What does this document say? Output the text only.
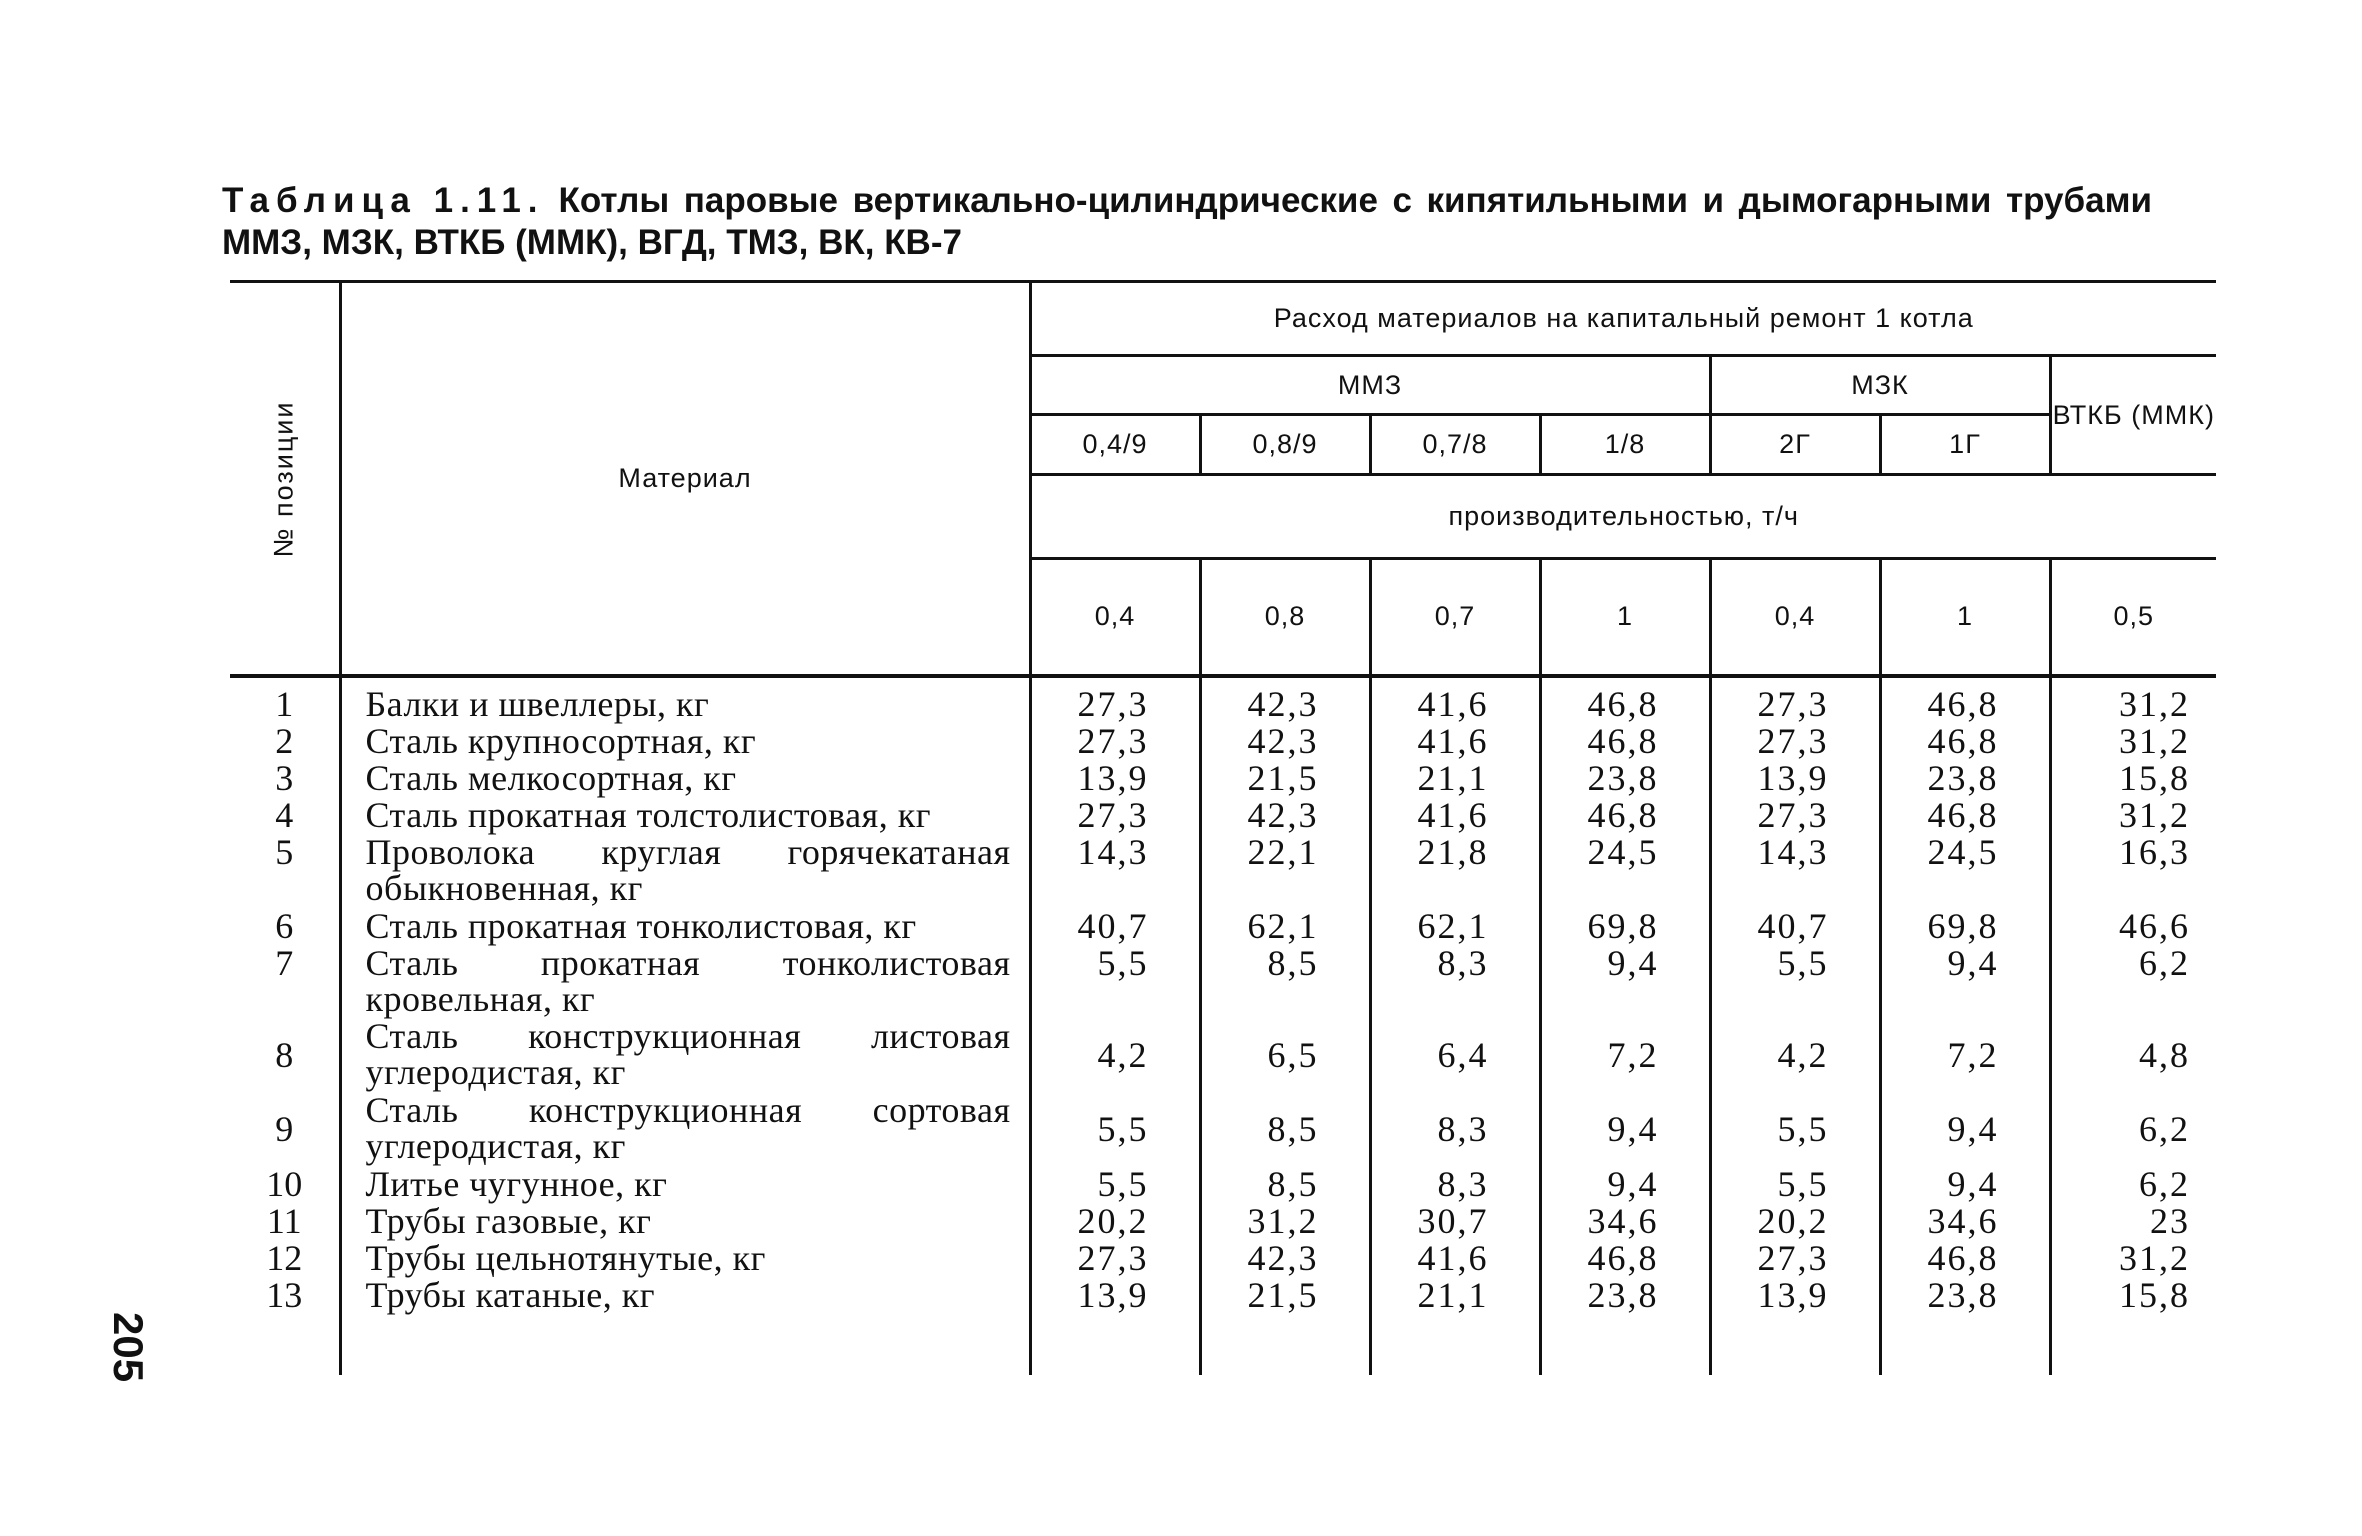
Таблица 1.11. Котлы паровые вертикально-цилиндрические с кипятильными и дымогарными трубами
ММЗ, МЗК, ВТКБ (ММК), ВГД, ТМЗ, ВК, КВ-7
№ позиции	Материал	Расход материалов на капитальный ремонт 1 котла						
		ММЗ				МЗК		ВТКБ (ММК)
		0,4/9	0,8/9	0,7/8	1/8	2Г	1Г	
		производительностью, т/ч						
		0,4	0,8	0,7	1	0,4	1	0,5

1	Балки и швеллеры, кг	27,3	42,3	41,6	46,8	27,3	46,8	31,2
2	Сталь крупносортная, кг	27,3	42,3	41,6	46,8	27,3	46,8	31,2
3	Сталь мелкосортная, кг	13,9	21,5	21,1	23,8	13,9	23,8	15,8
4	Сталь прокатная толстолистовая, кг	27,3	42,3	41,6	46,8	27,3	46,8	31,2
5	Проволока круглая горячекатаная обыкновенная, кг	14,3	22,1	21,8	24,5	14,3	24,5	16,3
6	Сталь прокатная тонколистовая, кг	40,7	62,1	62,1	69,8	40,7	69,8	46,6
7	Сталь прокатная тонколистовая кровельная, кг	5,5	8,5	8,3	9,4	5,5	9,4	6,2
8	Сталь конструкционная листовая углеродистая, кг	4,2	6,5	6,4	7,2	4,2	7,2	4,8
9	Сталь конструкционная сортовая углеродистая, кг	5,5	8,5	8,3	9,4	5,5	9,4	6,2
10	Литье чугунное, кг	5,5	8,5	8,3	9,4	5,5	9,4	6,2
11	Трубы газовые, кг	20,2	31,2	30,7	34,6	20,2	34,6	23
12	Трубы цельнотянутые, кг	27,3	42,3	41,6	46,8	27,3	46,8	31,2
13	Трубы катаные, кг	13,9	21,5	21,1	23,8	13,9	23,8	15,8

205
